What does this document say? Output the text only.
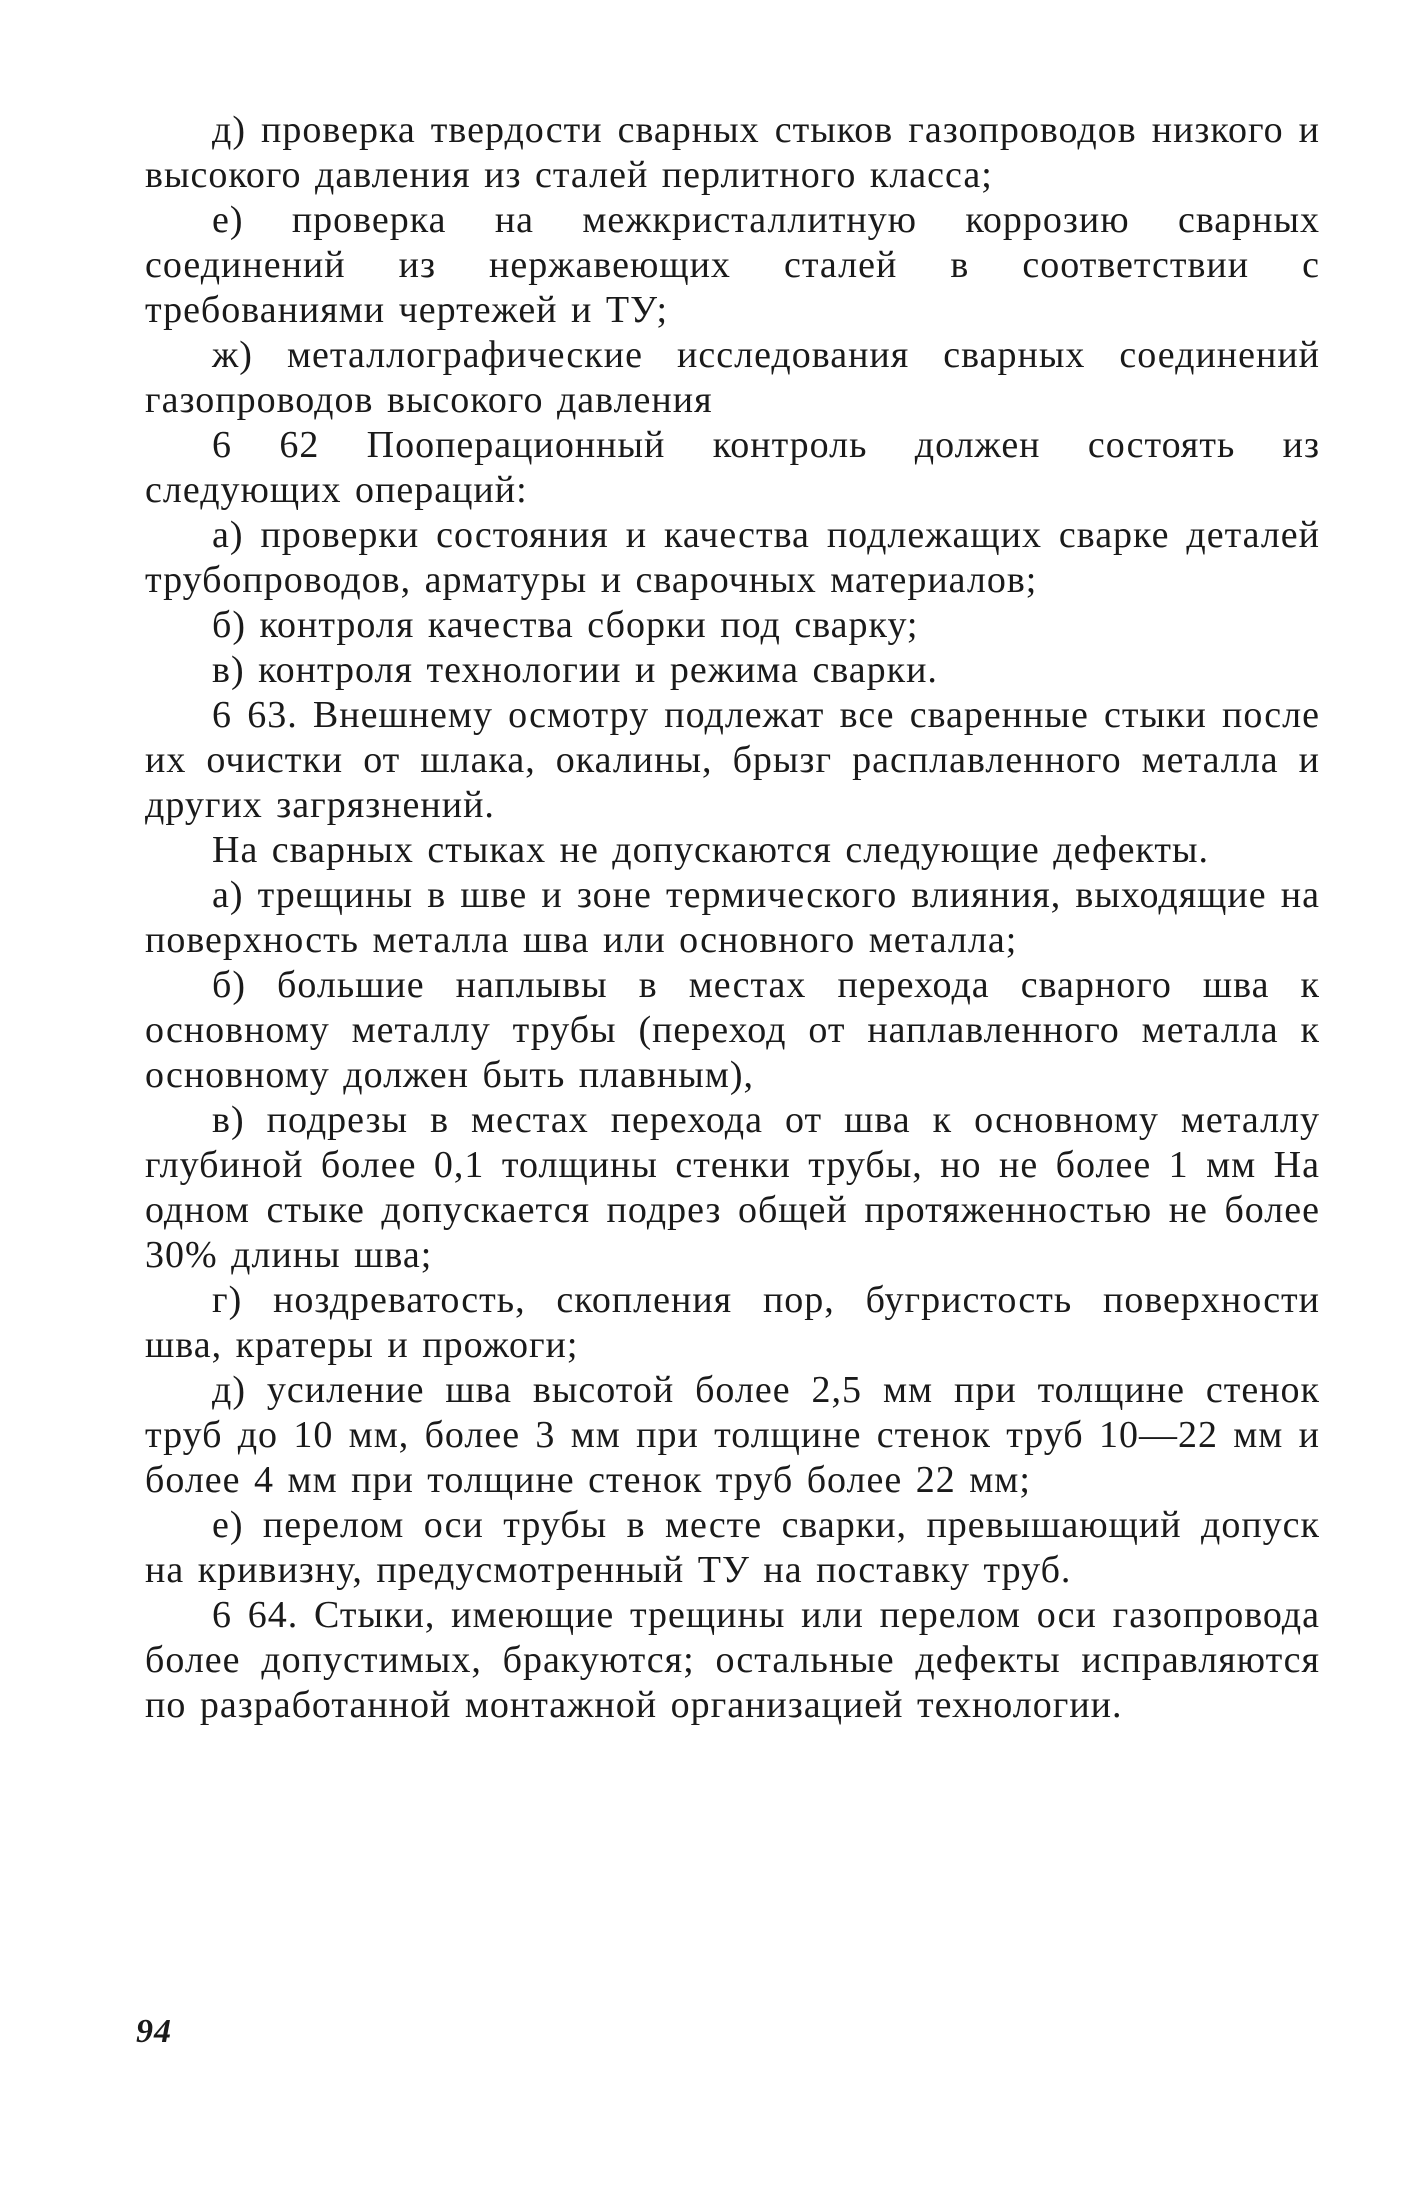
д) проверка твердости сварных стыков газопроводов низкого и высокого давления из сталей перлитного класса;

е) проверка на межкристаллитную коррозию сварных соединений из нержавеющих сталей в соответствии с требованиями чертежей и ТУ;

ж) металлографические исследования сварных соединений газопроводов высокого давления

6 62 Пооперационный контроль должен состоять из следующих операций:

а) проверки состояния и качества подлежащих сварке деталей трубопроводов, арматуры и сварочных материалов;

б) контроля качества сборки под сварку;

в) контроля технологии и режима сварки.

6 63. Внешнему осмотру подлежат все сваренные стыки после их очистки от шлака, окалины, брызг расплавленного металла и других загрязнений.

На сварных стыках не допускаются следующие дефекты.

а) трещины в шве и зоне термического влияния, выходящие на поверхность металла шва или основного металла;

б) большие наплывы в местах перехода сварного шва к основному металлу трубы (переход от наплавленного металла к основному должен быть плавным),

в) подрезы в местах перехода от шва к основному металлу глубиной более 0,1 толщины стенки трубы, но не более 1 мм На одном стыке допускается подрез общей протяженностью не более 30% длины шва;

г) ноздреватость, скопления пор, бугристость поверхности шва, кратеры и прожоги;

д) усиление шва высотой более 2,5 мм при толщине стенок труб до 10 мм, более 3 мм при толщине стенок труб 10—22 мм и более 4 мм при толщине стенок труб более 22 мм;

е) перелом оси трубы в месте сварки, превышающий допуск на кривизну, предусмотренный ТУ на поставку труб.

6 64. Стыки, имеющие трещины или перелом оси газопровода более допустимых, бракуются; остальные дефекты исправляются по разработанной монтажной организацией технологии.

94
